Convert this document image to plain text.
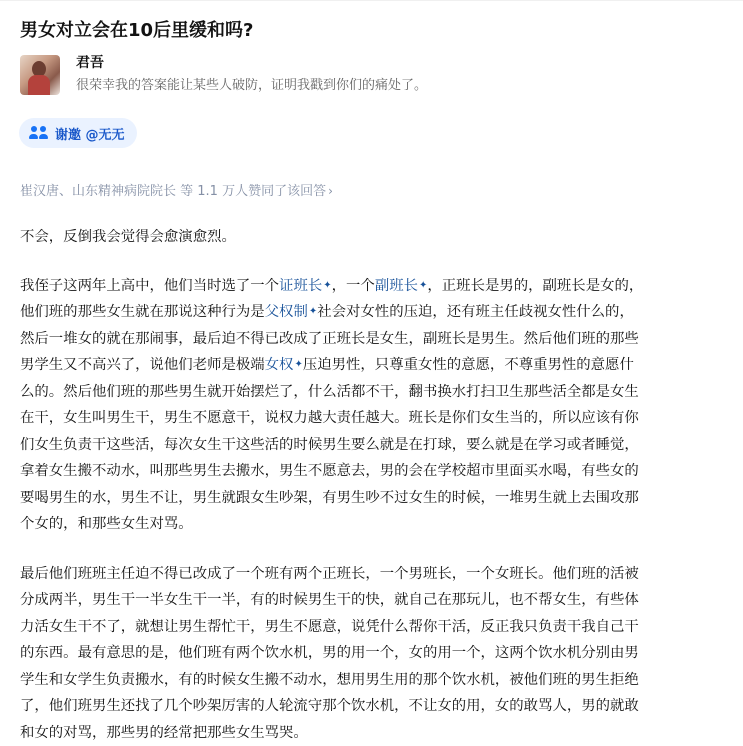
男女对立会在10后里缓和吗?
君吾
很荣幸我的答案能让某些人破防，证明我戳到你们的痛处了。
谢邀 @无无
崔汉唐、山东精神病院院长 等 1.1 万人赞同了该回答 ›

不会，反倒我会觉得会愈演愈烈。

我侄子这两年上高中，他们当时选了一个证班长✦，一个副班长✦，正班长是男的，副班长是女的，
他们班的那些女生就在那说这种行为是父权制✦社会对女性的压迫，还有班主任歧视女性什么的，
然后一堆女的就在那闹事，最后迫不得已改成了正班长是女生，副班长是男生。然后他们班的那些
男学生又不高兴了，说他们老师是极端女权✦压迫男性，只尊重女性的意愿，不尊重男性的意愿什
么的。然后他们班的那些男生就开始摆烂了，什么活都不干，翻书换水打扫卫生那些活全都是女生
在干，女生叫男生干，男生不愿意干，说权力越大责任越大。班长是你们女生当的，所以应该有你
们女生负责干这些活，每次女生干这些活的时候男生要么就是在打球，要么就是在学习或者睡觉，
拿着女生搬不动水，叫那些男生去搬水，男生不愿意去，男的会在学校超市里面买水喝，有些女的
要喝男生的水，男生不让，男生就跟女生吵架，有男生吵不过女生的时候，一堆男生就上去围攻那
个女的，和那些女生对骂。

最后他们班班主任迫不得已改成了一个班有两个正班长，一个男班长，一个女班长。他们班的活被
分成两半，男生干一半女生干一半，有的时候男生干的快，就自己在那玩儿，也不帮女生，有些体
力活女生干不了，就想让男生帮忙干，男生不愿意，说凭什么帮你干活，反正我只负责干我自己干
的东西。最有意思的是，他们班有两个饮水机，男的用一个，女的用一个，这两个饮水机分别由男
学生和女学生负责搬水，有的时候女生搬不动水，想用男生用的那个饮水机，被他们班的男生拒绝
了，他们班男生还找了几个吵架厉害的人轮流守那个饮水机，不让女的用，女的敢骂人，男的就敢
和女的对骂，那些男的经常把那些女生骂哭。
